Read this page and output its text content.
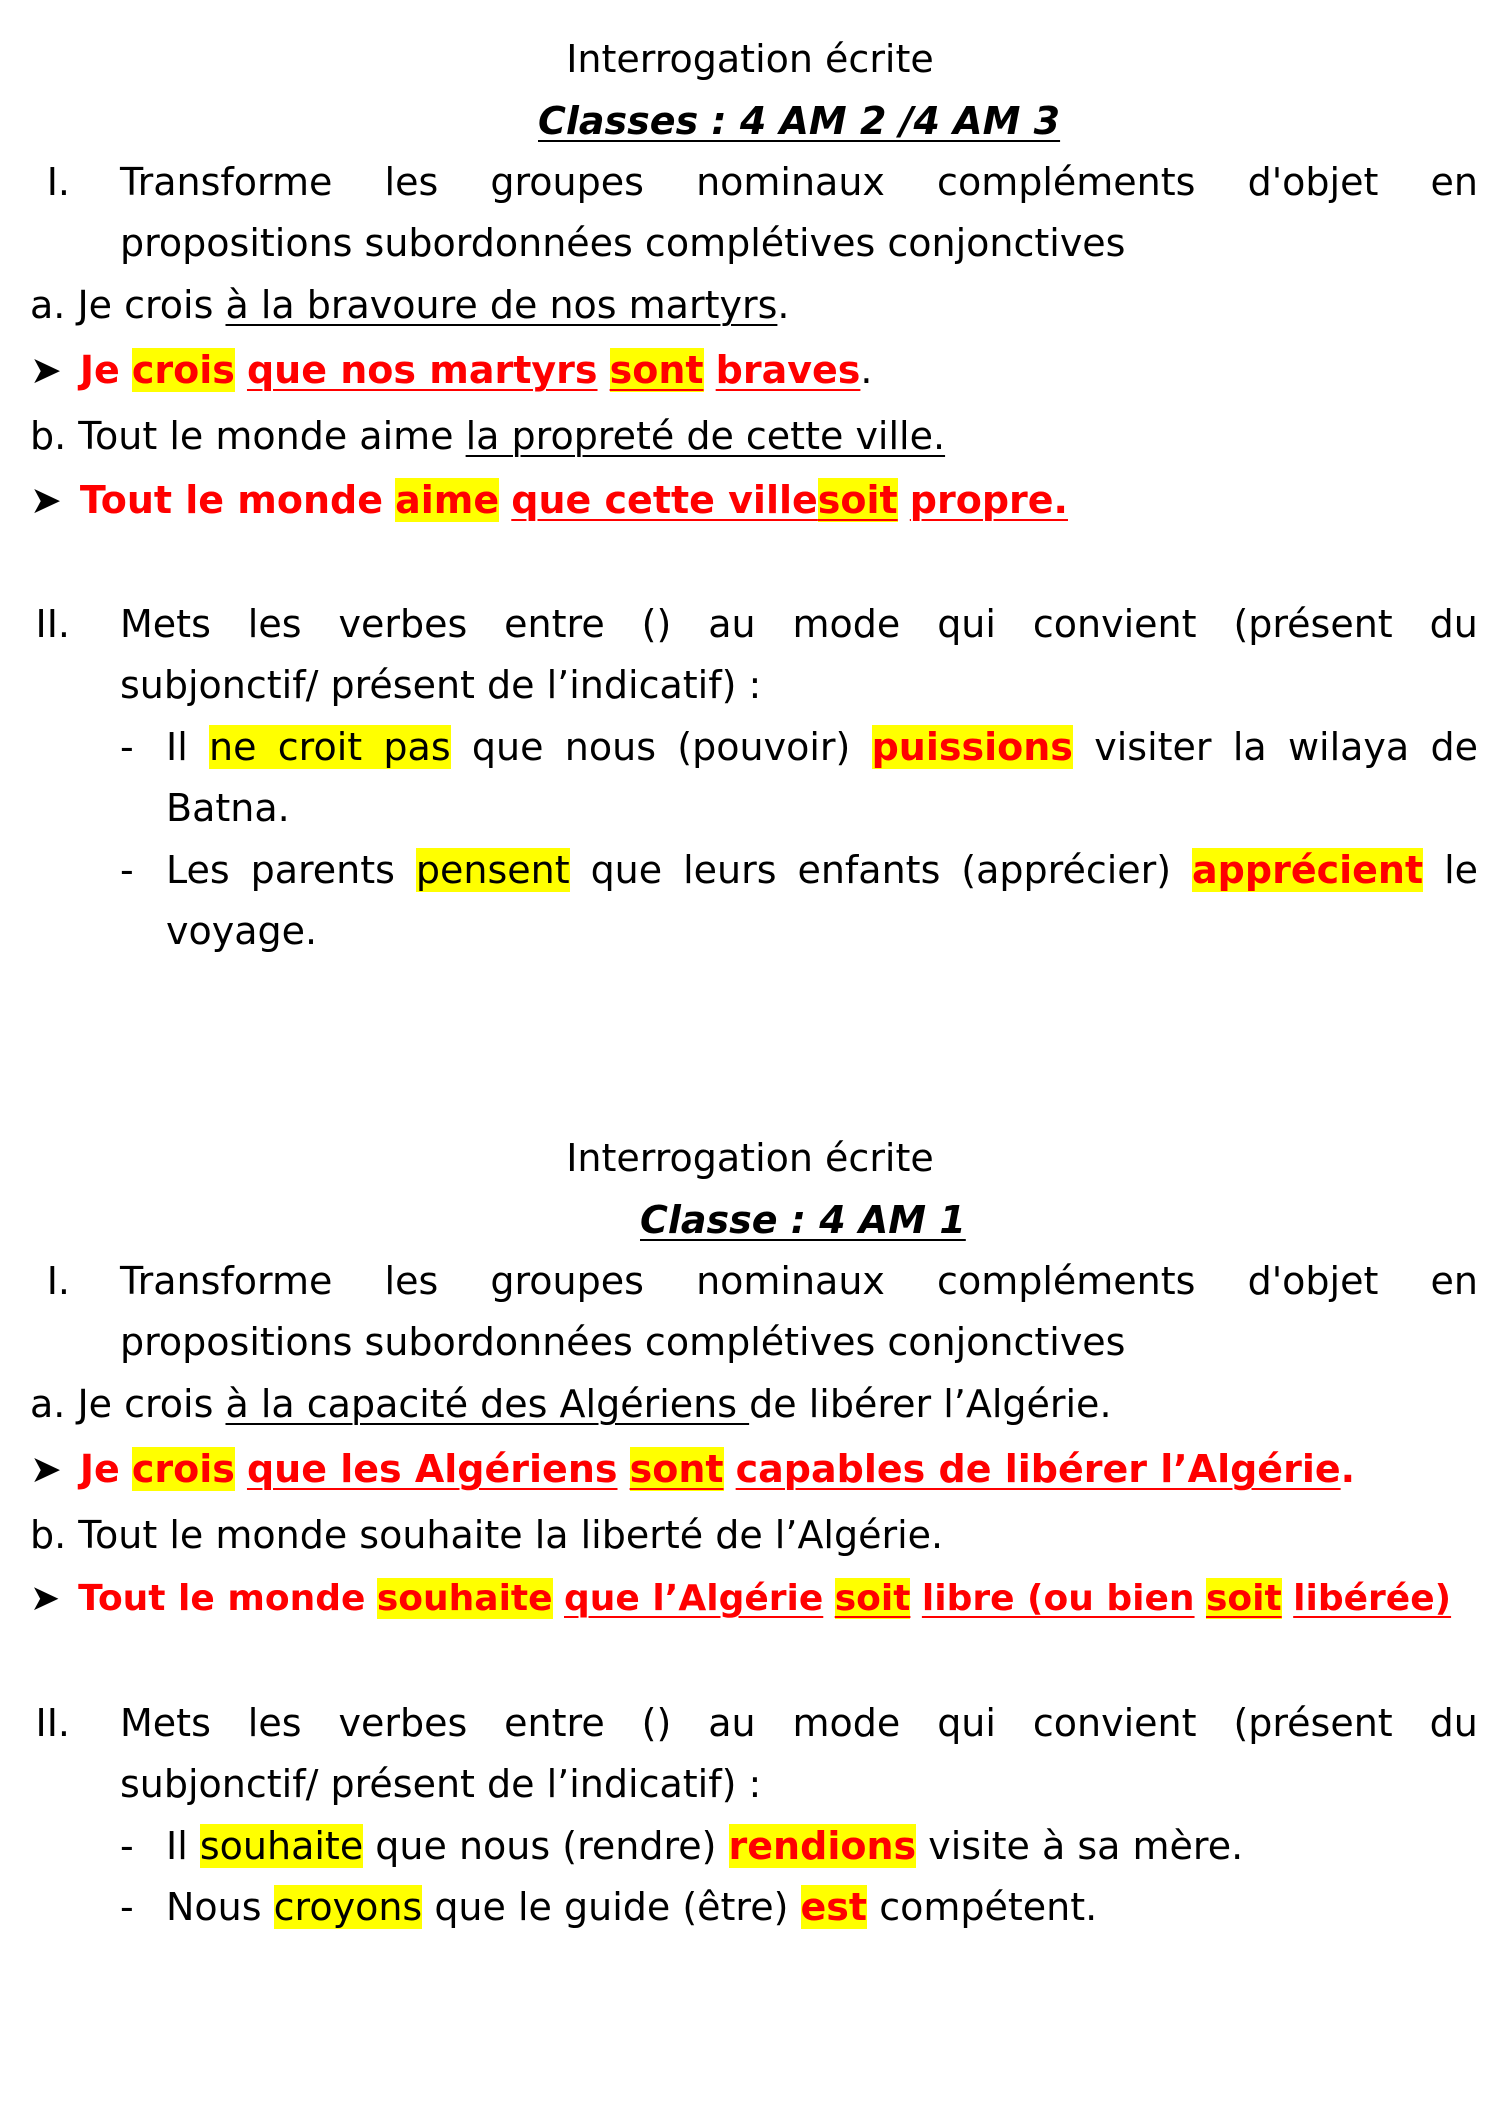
Interrogation écrite
Classes : 4 AM 2 /4 AM 3
I. Transforme les groupes nominaux compléments d'objet en
propositions subordonnées complétives conjonctives
a. Je crois à la bravoure de nos martyrs.
➤ Je crois que nos martyrs sont braves.
b. Tout le monde aime la propreté de cette ville.
➤ Tout le monde aime que cette villesoit propre.
II. Mets les verbes entre () au mode qui convient (présent du
subjonctif/ présent de l’indicatif) :
- Il ne croit pas que nous (pouvoir) puissions visiter la wilaya de
Batna.
- Les parents pensent que leurs enfants (apprécier) apprécient le
voyage.
Interrogation écrite
Classe : 4 AM 1
I. Transforme les groupes nominaux compléments d'objet en
propositions subordonnées complétives conjonctives
a. Je crois à la capacité des Algériens de libérer l’Algérie.
➤ Je crois que les Algériens sont capables de libérer l’Algérie.
b. Tout le monde souhaite la liberté de l’Algérie.
➤ Tout le monde souhaite que l’Algérie soit libre (ou bien soit libérée)
II. Mets les verbes entre () au mode qui convient (présent du
subjonctif/ présent de l’indicatif) :
- Il souhaite que nous (rendre) rendions visite à sa mère.
- Nous croyons que le guide (être) est compétent.
